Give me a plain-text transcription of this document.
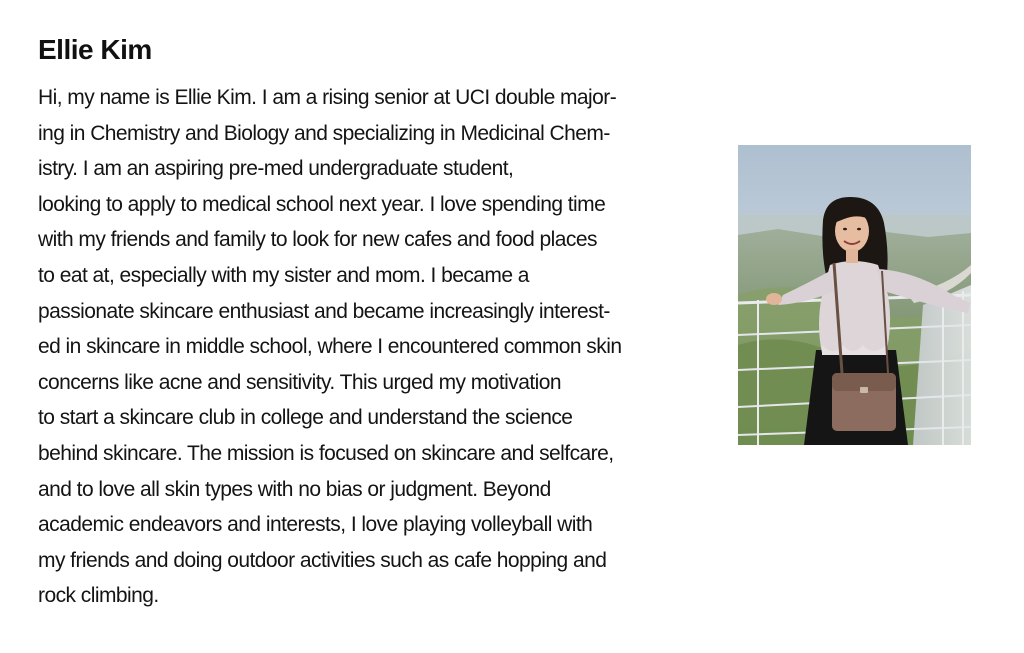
Ellie Kim

Hi, my name is Ellie Kim. I am a rising senior at UCI double major-
ing in Chemistry and Biology and specializing in Medicinal Chem-
istry. I am an aspiring pre-med undergraduate student,
looking to apply to medical school next year. I love spending time
with my friends and family to look for new cafes and food places
to eat at, especially with my sister and mom. I became a
passionate skincare enthusiast and became increasingly interest-
ed in skincare in middle school, where I encountered common skin
concerns like acne and sensitivity. This urged my motivation
to start a skincare club in college and understand the science
behind skincare. The mission is focused on skincare and selfcare,
and to love all skin types with no bias or judgment. Beyond
academic endeavors and interests, I love playing volleyball with
my friends and doing outdoor activities such as cafe hopping and
rock climbing.
